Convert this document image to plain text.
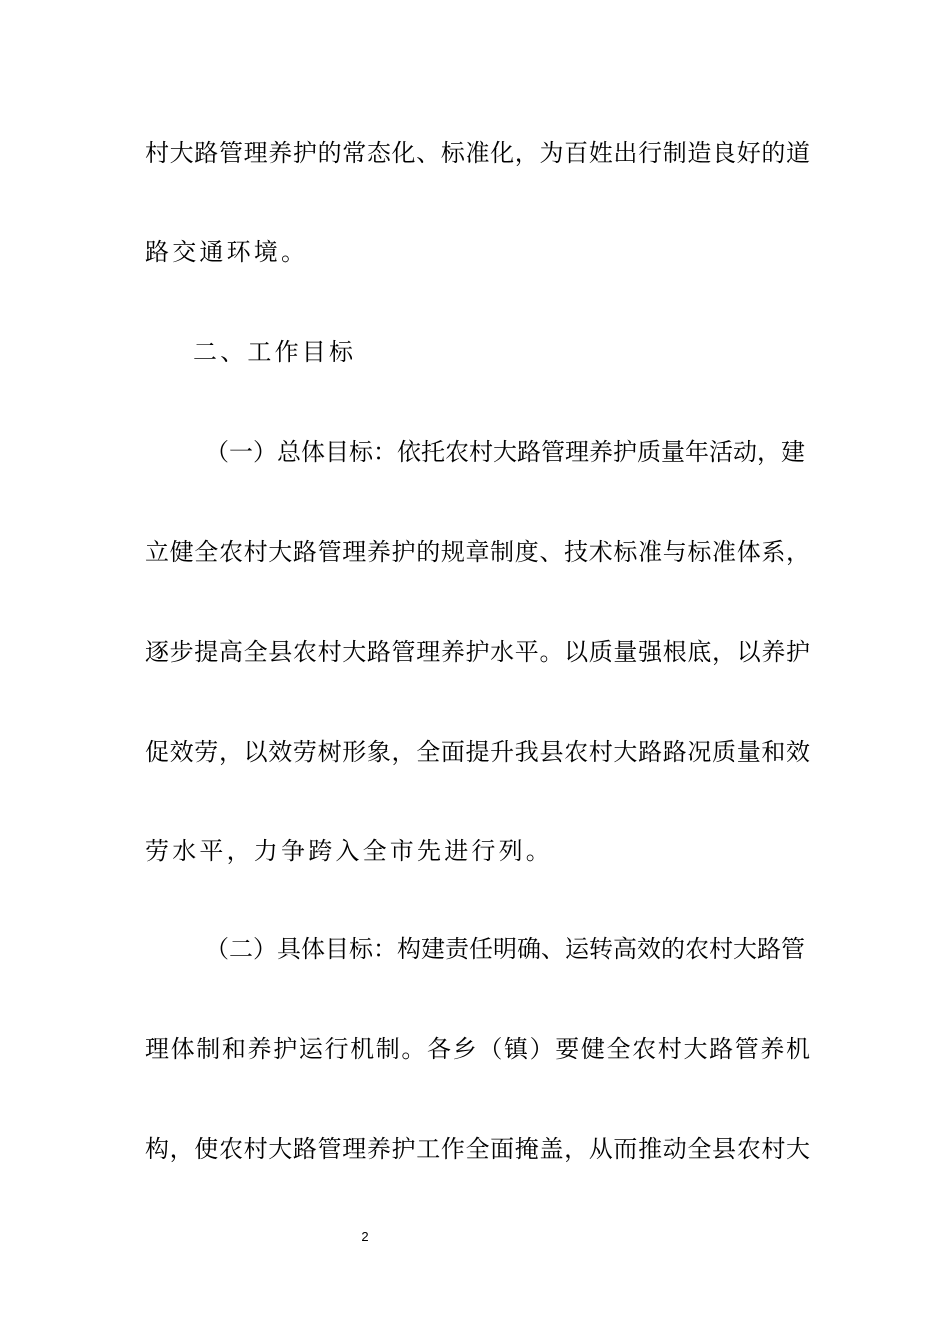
村大路管理养护的常态化、标准化，为百姓出行制造良好的道
路交通环境。
二、工作目标
（一）总体目标：依托农村大路管理养护质量年活动，建
立健全农村大路管理养护的规章制度、技术标准与标准体系，
逐步提高全县农村大路管理养护水平。以质量强根底，以养护
促效劳，以效劳树形象，全面提升我县农村大路路况质量和效
劳水平，力争跨入全市先进行列。
（二）具体目标：构建责任明确、运转高效的农村大路管
理体制和养护运行机制。各乡（镇）要健全农村大路管养机
构，使农村大路管理养护工作全面掩盖，从而推动全县农村大
2
